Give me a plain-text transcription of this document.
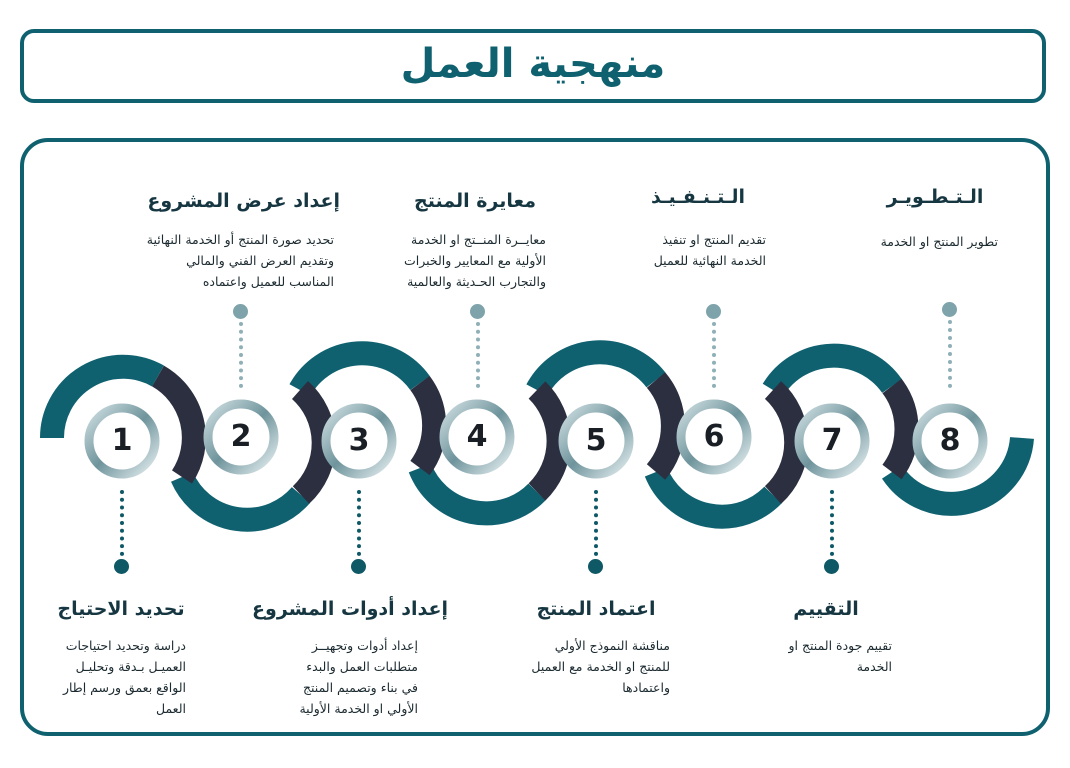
منهجية العمل
1	2	3	4	5	6	7	8
إعداد عرض المشروع
تحديد صورة المنتج أو الخدمة النهائية
وتقديم العرض الفني والمالي
المناسب للعميل واعتماده
معايرة المنتج
معايــرة المنــتج او الخدمة
الأولية مع المعايير والخبرات
والتجارب الحـديثة والعالمية
الـتـنـفـيـذ
تقديم المنتج او تنفيذ
الخدمة النهائية للعميل
الـتـطـويـر
تطوير المنتج او الخدمة
تحديد الاحتياج
دراسة وتحديد احتياجات
العميـل بـدقة وتحليـل
الواقع بعمق ورسم إطار
العمل
إعداد أدوات المشروع
إعداد أدوات وتجهيــز
متطلبات العمل والبدء
في بناء وتصميم المنتج
الأولي او الخدمة الأولية
اعتماد المنتج
مناقشة النموذج الأولي
للمنتج او الخدمة مع العميل
واعتمادها
التقييم
تقييم جودة المنتج او
الخدمة
